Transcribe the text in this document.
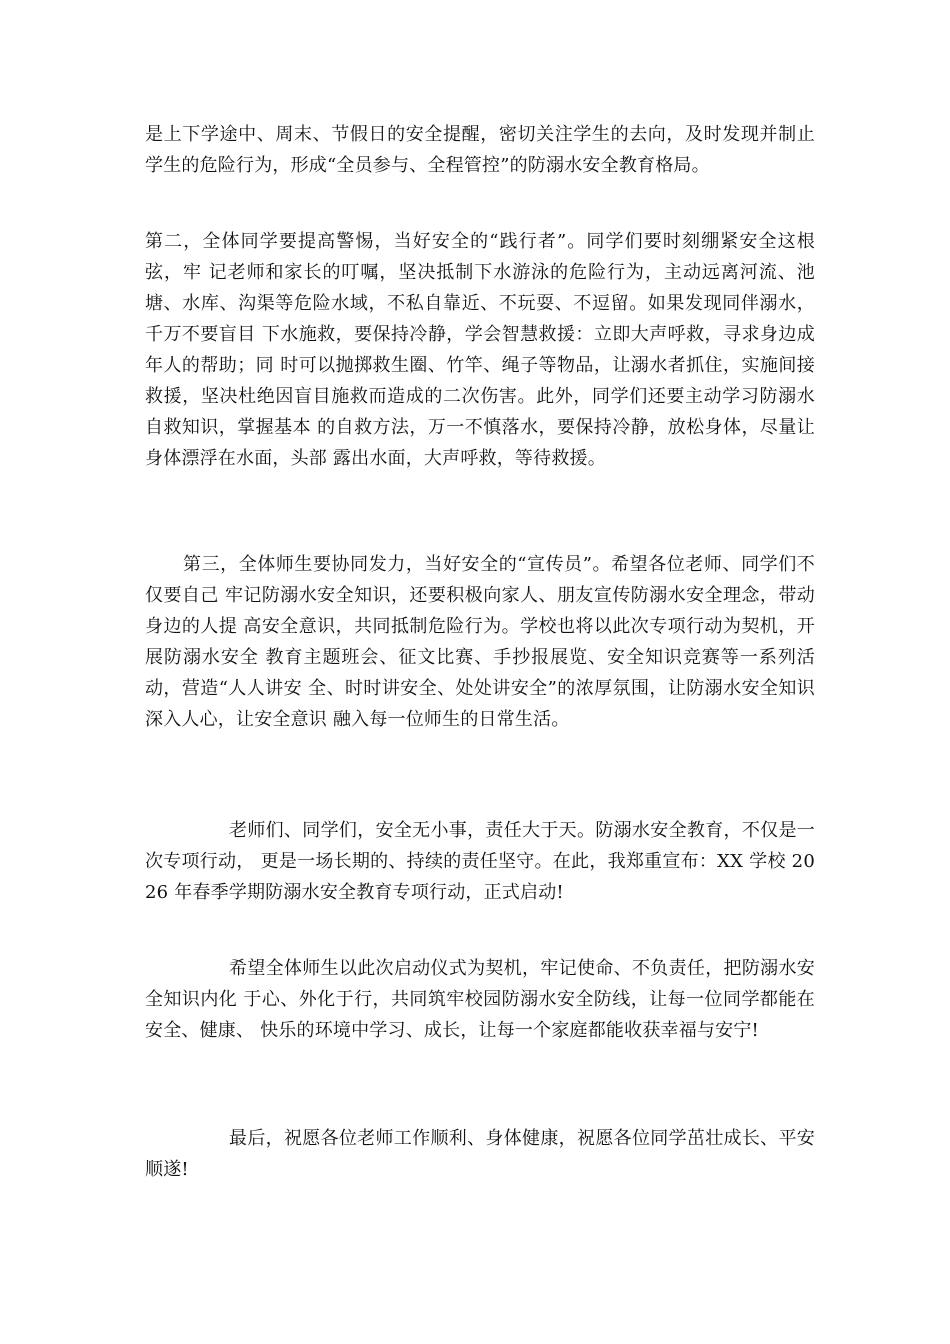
是上下学途中、周末、节假日的安全提醒，密切关注学生的去向，及时发现并制止学生的危险行为，形成“全员参与、全程管控”的防溺水安全教育格局。

第二，全体同学要提高警惕，当好安全的“践行者”。同学们要时刻绷紧安全这根弦，牢 记老师和家长的叮嘱，坚决抵制下水游泳的危险行为，主动远离河流、池塘、水库、沟渠等危险水域，不私自靠近、不玩耍、不逗留。如果发现同伴溺水，千万不要盲目 下水施救，要保持冷静，学会智慧救援：立即大声呼救，寻求身边成年人的帮助；同 时可以抛掷救生圈、竹竿、绳子等物品，让溺水者抓住，实施间接救援，坚决杜绝因盲目施救而造成的二次伤害。此外，同学们还要主动学习防溺水自救知识，掌握基本 的自救方法，万一不慎落水，要保持冷静，放松身体，尽量让身体漂浮在水面，头部 露出水面，大声呼救，等待救援。

第三，全体师生要协同发力，当好安全的“宣传员”。希望各位老师、同学们不仅要自己 牢记防溺水安全知识，还要积极向家人、朋友宣传防溺水安全理念，带动身边的人提 高安全意识，共同抵制危险行为。学校也将以此次专项行动为契机，开展防溺水安全 教育主题班会、征文比赛、手抄报展览、安全知识竞赛等一系列活动，营造“人人讲安 全、时时讲安全、处处讲安全”的浓厚氛围，让防溺水安全知识深入人心，让安全意识 融入每一位师生的日常生活。

老师们、同学们，安全无小事，责任大于天。防溺水安全教育，不仅是一次专项行动， 更是一场长期的、持续的责任坚守。在此，我郑重宣布：XX 学校 2026 年春季学期防溺水安全教育专项行动，正式启动!

希望全体师生以此次启动仪式为契机，牢记使命、不负责任，把防溺水安全知识内化 于心、外化于行，共同筑牢校园防溺水安全防线，让每一位同学都能在安全、健康、 快乐的环境中学习、成长，让每一个家庭都能收获幸福与安宁!

最后，祝愿各位老师工作顺利、身体健康，祝愿各位同学茁壮成长、平安顺遂!
